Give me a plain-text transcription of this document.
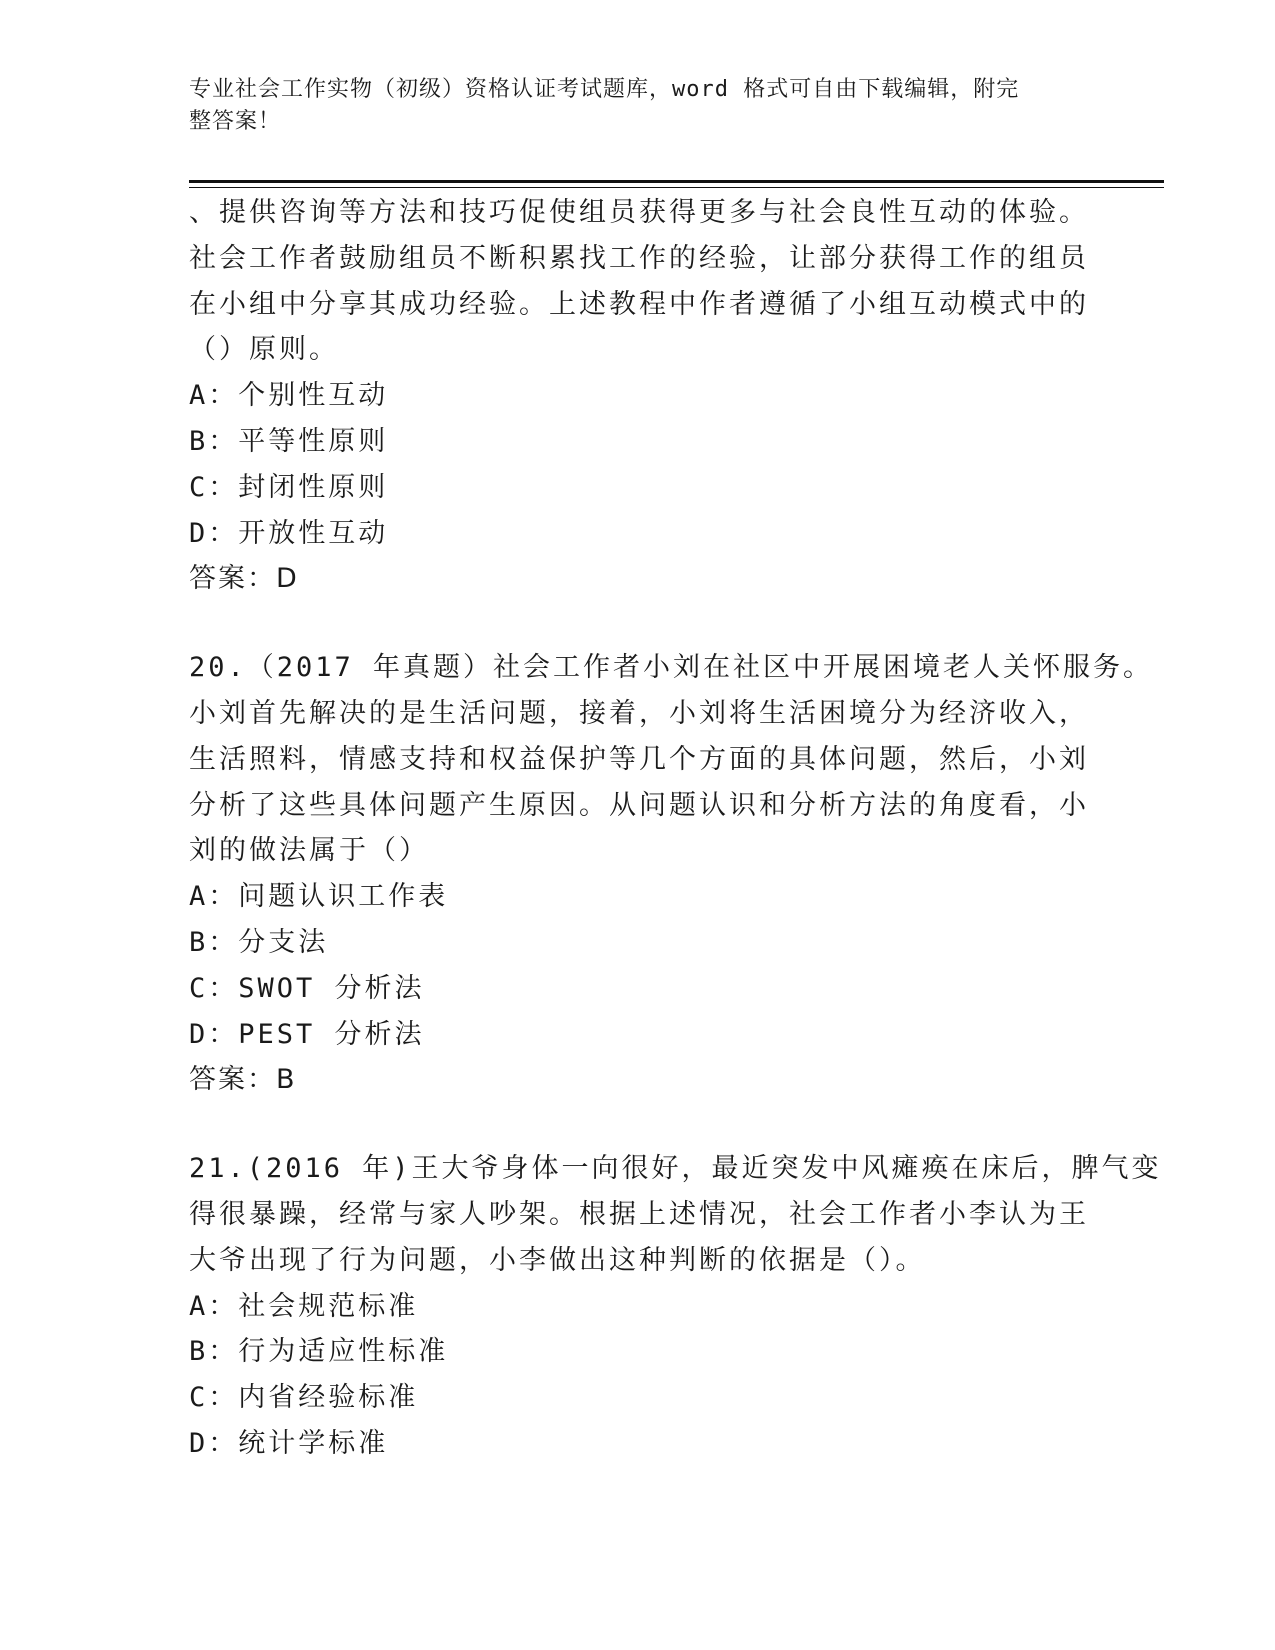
专业社会工作实物（初级）资格认证考试题库，word 格式可自由下载编辑，附完
整答案！
、提供咨询等方法和技巧促使组员获得更多与社会良性互动的体验。
社会工作者鼓励组员不断积累找工作的经验，让部分获得工作的组员
在小组中分享其成功经验。上述教程中作者遵循了小组互动模式中的
（）原则。
A：个别性互动
B：平等性原则
C：封闭性原则
D：开放性互动
答案：D
20.（2017 年真题）社会工作者小刘在社区中开展困境老人关怀服务。
小刘首先解决的是生活问题，接着，小刘将生活困境分为经济收入，
生活照料，情感支持和权益保护等几个方面的具体问题，然后，小刘
分析了这些具体问题产生原因。从问题认识和分析方法的角度看，小
刘的做法属于（）
A：问题认识工作表
B：分支法
C：SWOT 分析法
D：PEST 分析法
答案：B
21.(2016 年)王大爷身体一向很好，最近突发中风瘫痪在床后，脾气变
得很暴躁，经常与家人吵架。根据上述情况，社会工作者小李认为王
大爷出现了行为问题，小李做出这种判断的依据是（）。
A：社会规范标准
B：行为适应性标准
C：内省经验标准
D：统计学标准
